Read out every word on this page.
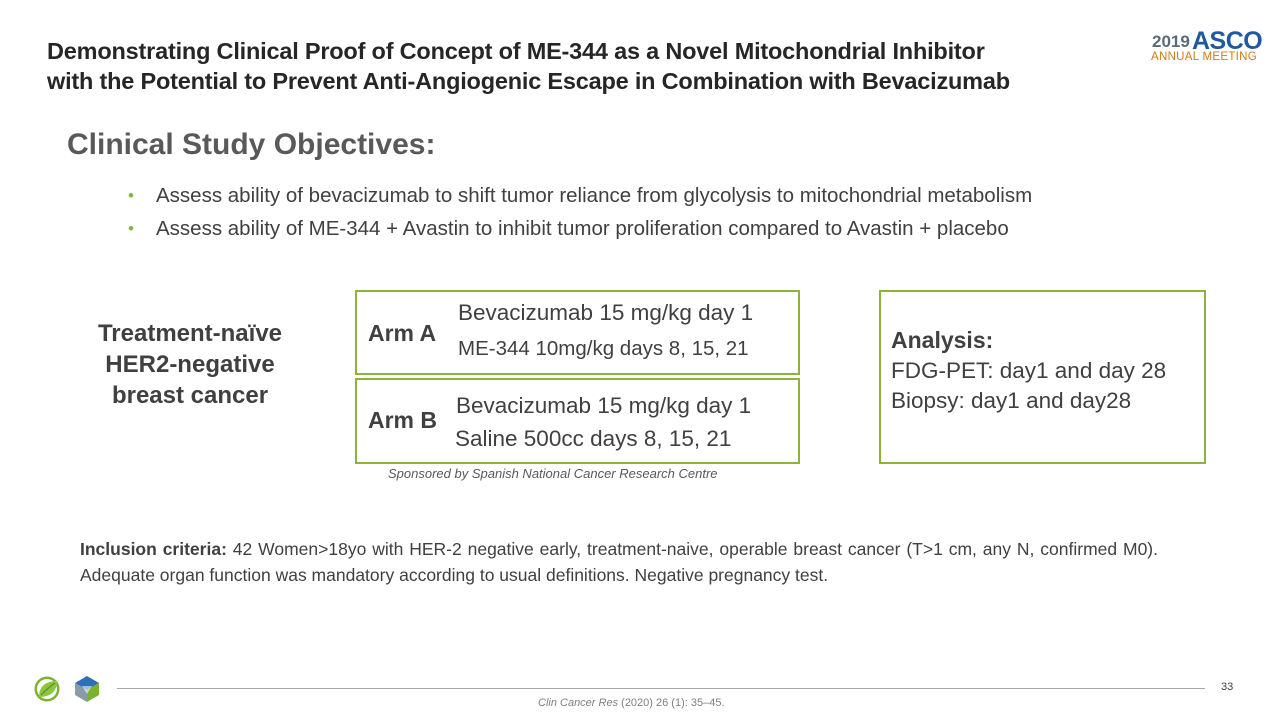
Demonstrating Clinical Proof of Concept of ME-344 as a Novel Mitochondrial Inhibitor
with the Potential to Prevent Anti-Angiogenic Escape in Combination with Bevacizumab
2019 ASCO
ANNUAL MEETING
Clinical Study Objectives:
• Assess ability of bevacizumab to shift tumor reliance from glycolysis to mitochondrial metabolism
• Assess ability of ME-344 + Avastin to inhibit tumor proliferation compared to Avastin + placebo
Treatment-naïve
HER2-negative
breast cancer
Arm A
Bevacizumab 15 mg/kg day 1
ME-344 10mg/kg days 8, 15, 21
Arm B
Bevacizumab 15 mg/kg day 1
Saline 500cc days 8, 15, 21
Analysis:
FDG-PET: day1 and day 28
Biopsy: day1 and day28
Sponsored by Spanish National Cancer Research Centre
Inclusion criteria: 42 Women>18yo with HER-2 negative early, treatment-naive, operable breast cancer (T>1 cm, any N, confirmed M0). Adequate organ function was mandatory according to usual definitions. Negative pregnancy test.
33
Clin Cancer Res (2020) 26 (1): 35–45.
